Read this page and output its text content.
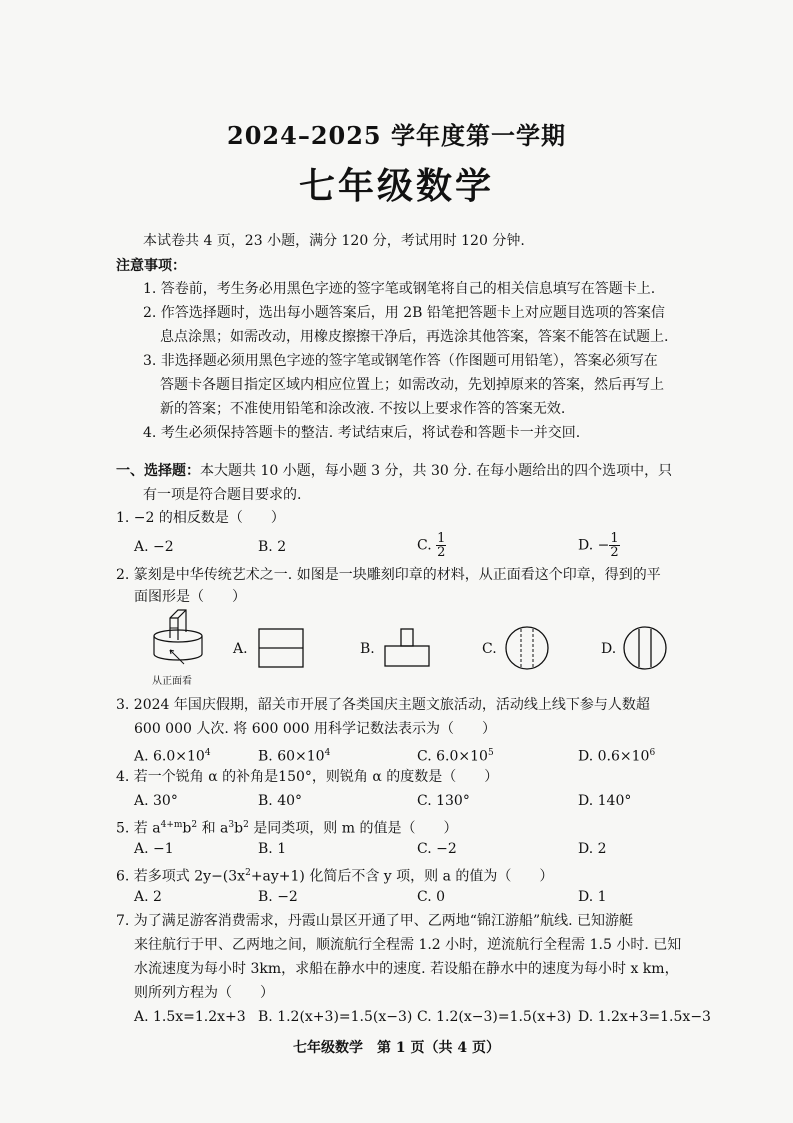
2024–2025 学年度第一学期
七年级数学
本试卷共 4 页，23 小题，满分 120 分，考试用时 120 分钟.
注意事项：
1. 答卷前，考生务必用黑色字迹的签字笔或钢笔将自己的相关信息填写在答题卡上.
2. 作答选择题时，选出每小题答案后，用 2B 铅笔把答题卡上对应题目选项的答案信
息点涂黑；如需改动，用橡皮擦擦干净后，再选涂其他答案，答案不能答在试题上.
3. 非选择题必须用黑色字迹的签字笔或钢笔作答（作图题可用铅笔），答案必须写在
答题卡各题目指定区域内相应位置上；如需改动，先划掉原来的答案，然后再写上
新的答案；不准使用铅笔和涂改液. 不按以上要求作答的答案无效.
4. 考生必须保持答题卡的整洁. 考试结束后，将试卷和答题卡一并交回.
一、选择题：本大题共 10 小题，每小题 3 分，共 30 分. 在每小题给出的四个选项中，只
有一项是符合题目要求的.
1. −2 的相反数是（　　）
A. −2	B. 2	C. $\frac{1}{2}$	D. − $\frac{1}{2}$
2. 篆刻是中华传统艺术之一. 如图是一块雕刻印章的材料，从正面看这个印章，得到的平
面图形是（　　）
从正面看
A.	B.	C.	D.
3. 2024 年国庆假期，韶关市开展了各类国庆主题文旅活动，活动线上线下参与人数超
600 000 人次. 将 600 000 用科学记数法表示为（　　）
A. $6.0\times 10^4$	B. $60\times 10^4$	C. $6.0\times 10^5$	D. $0.6\times 10^6$
4. 若一个锐角 α 的补角是150°，则锐角 α 的度数是（　　）
A. 30°	B. 40°	C. 130°	D. 140°
5. 若 $a^{4+m}b^2$ 和 $a^3b^2$ 是同类项，则 m 的值是（　　）
A. −1	B. 1	C. −2	D. 2
6. 若多项式 $2y-(3x^2+ay+1)$ 化简后不含 y 项，则 a 的值为（　　）
A. 2	B. −2	C. 0	D. 1
7. 为了满足游客消费需求，丹霞山景区开通了甲、乙两地“锦江游船”航线. 已知游艇
来往航行于甲、乙两地之间，顺流航行全程需 1.2 小时，逆流航行全程需 1.5 小时. 已知
水流速度为每小时 3km，求船在静水中的速度. 若设船在静水中的速度为每小时 x km，
则所列方程为（　　）
A. 1.5x=1.2x+3 B. 1.2(x+3)=1.5(x−3) C. 1.2(x−3)=1.5(x+3) D. 1.2x+3=1.5x−3
七年级数学　第 1 页（共 4 页）
